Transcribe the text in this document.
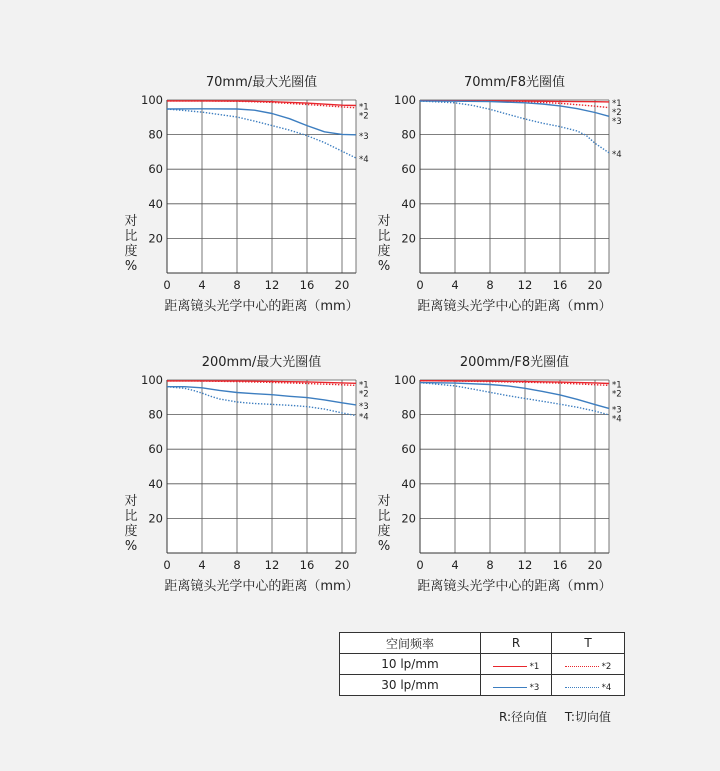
0 4 8 12 16 20
20
40
60
80
100
70mm/最大光圈值
距离镜头光学中心的距离（mm）
对比度%
*1
*2
*3
*4
0 4 8 12 16 20
20
40
60
80
100
70mm/F8光圈值
距离镜头光学中心的距离（mm）
对比度%
*1
*2
*3
*4
0 4 8 12 16 20
20
40
60
80
100
200mm/最大光圈值
距离镜头光学中心的距离（mm）
对比度%
*1
*2
*3
*4
0 4 8 12 16 20
20
40
60
80
100
200mm/F8光圈值
距离镜头光学中心的距离（mm）
对比度%
*1
*2
*3
*4
空间频率	R	T
10 lp/mm	*1	*2

30 lp/mm	*3	*4
R:径向值 T:切向值
